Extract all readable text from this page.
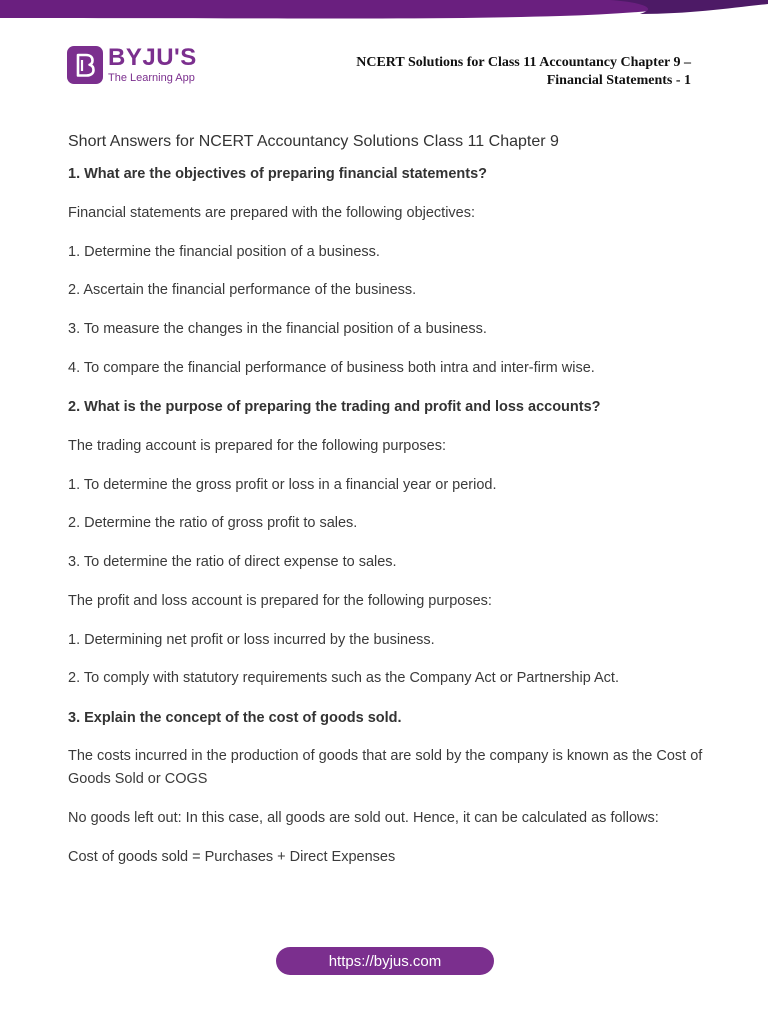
BYJU'S
The Learning App
NCERT Solutions for Class 11 Accountancy Chapter 9 –
Financial Statements - 1
Short Answers for NCERT Accountancy Solutions Class 11 Chapter 9
1. What are the objectives of preparing financial statements?
Financial statements are prepared with the following objectives:
1. Determine the financial position of a business.
2. Ascertain the financial performance of the business.
3. To measure the changes in the financial position of a business.
4. To compare the financial performance of business both intra and inter-firm wise.
2. What is the purpose of preparing the trading and profit and loss accounts?
The trading account is prepared for the following purposes:
1. To determine the gross profit or loss in a financial year or period.
2. Determine the ratio of gross profit to sales.
3. To determine the ratio of direct expense to sales.
The profit and loss account is prepared for the following purposes:
1. Determining net profit or loss incurred by the business.
2. To comply with statutory requirements such as the Company Act or Partnership Act.
3. Explain the concept of the cost of goods sold.
The costs incurred in the production of goods that are sold by the company is known as the Cost of Goods Sold or COGS
No goods left out: In this case, all goods are sold out. Hence, it can be calculated as follows:
Cost of goods sold = Purchases + Direct Expenses
https://byjus.com
